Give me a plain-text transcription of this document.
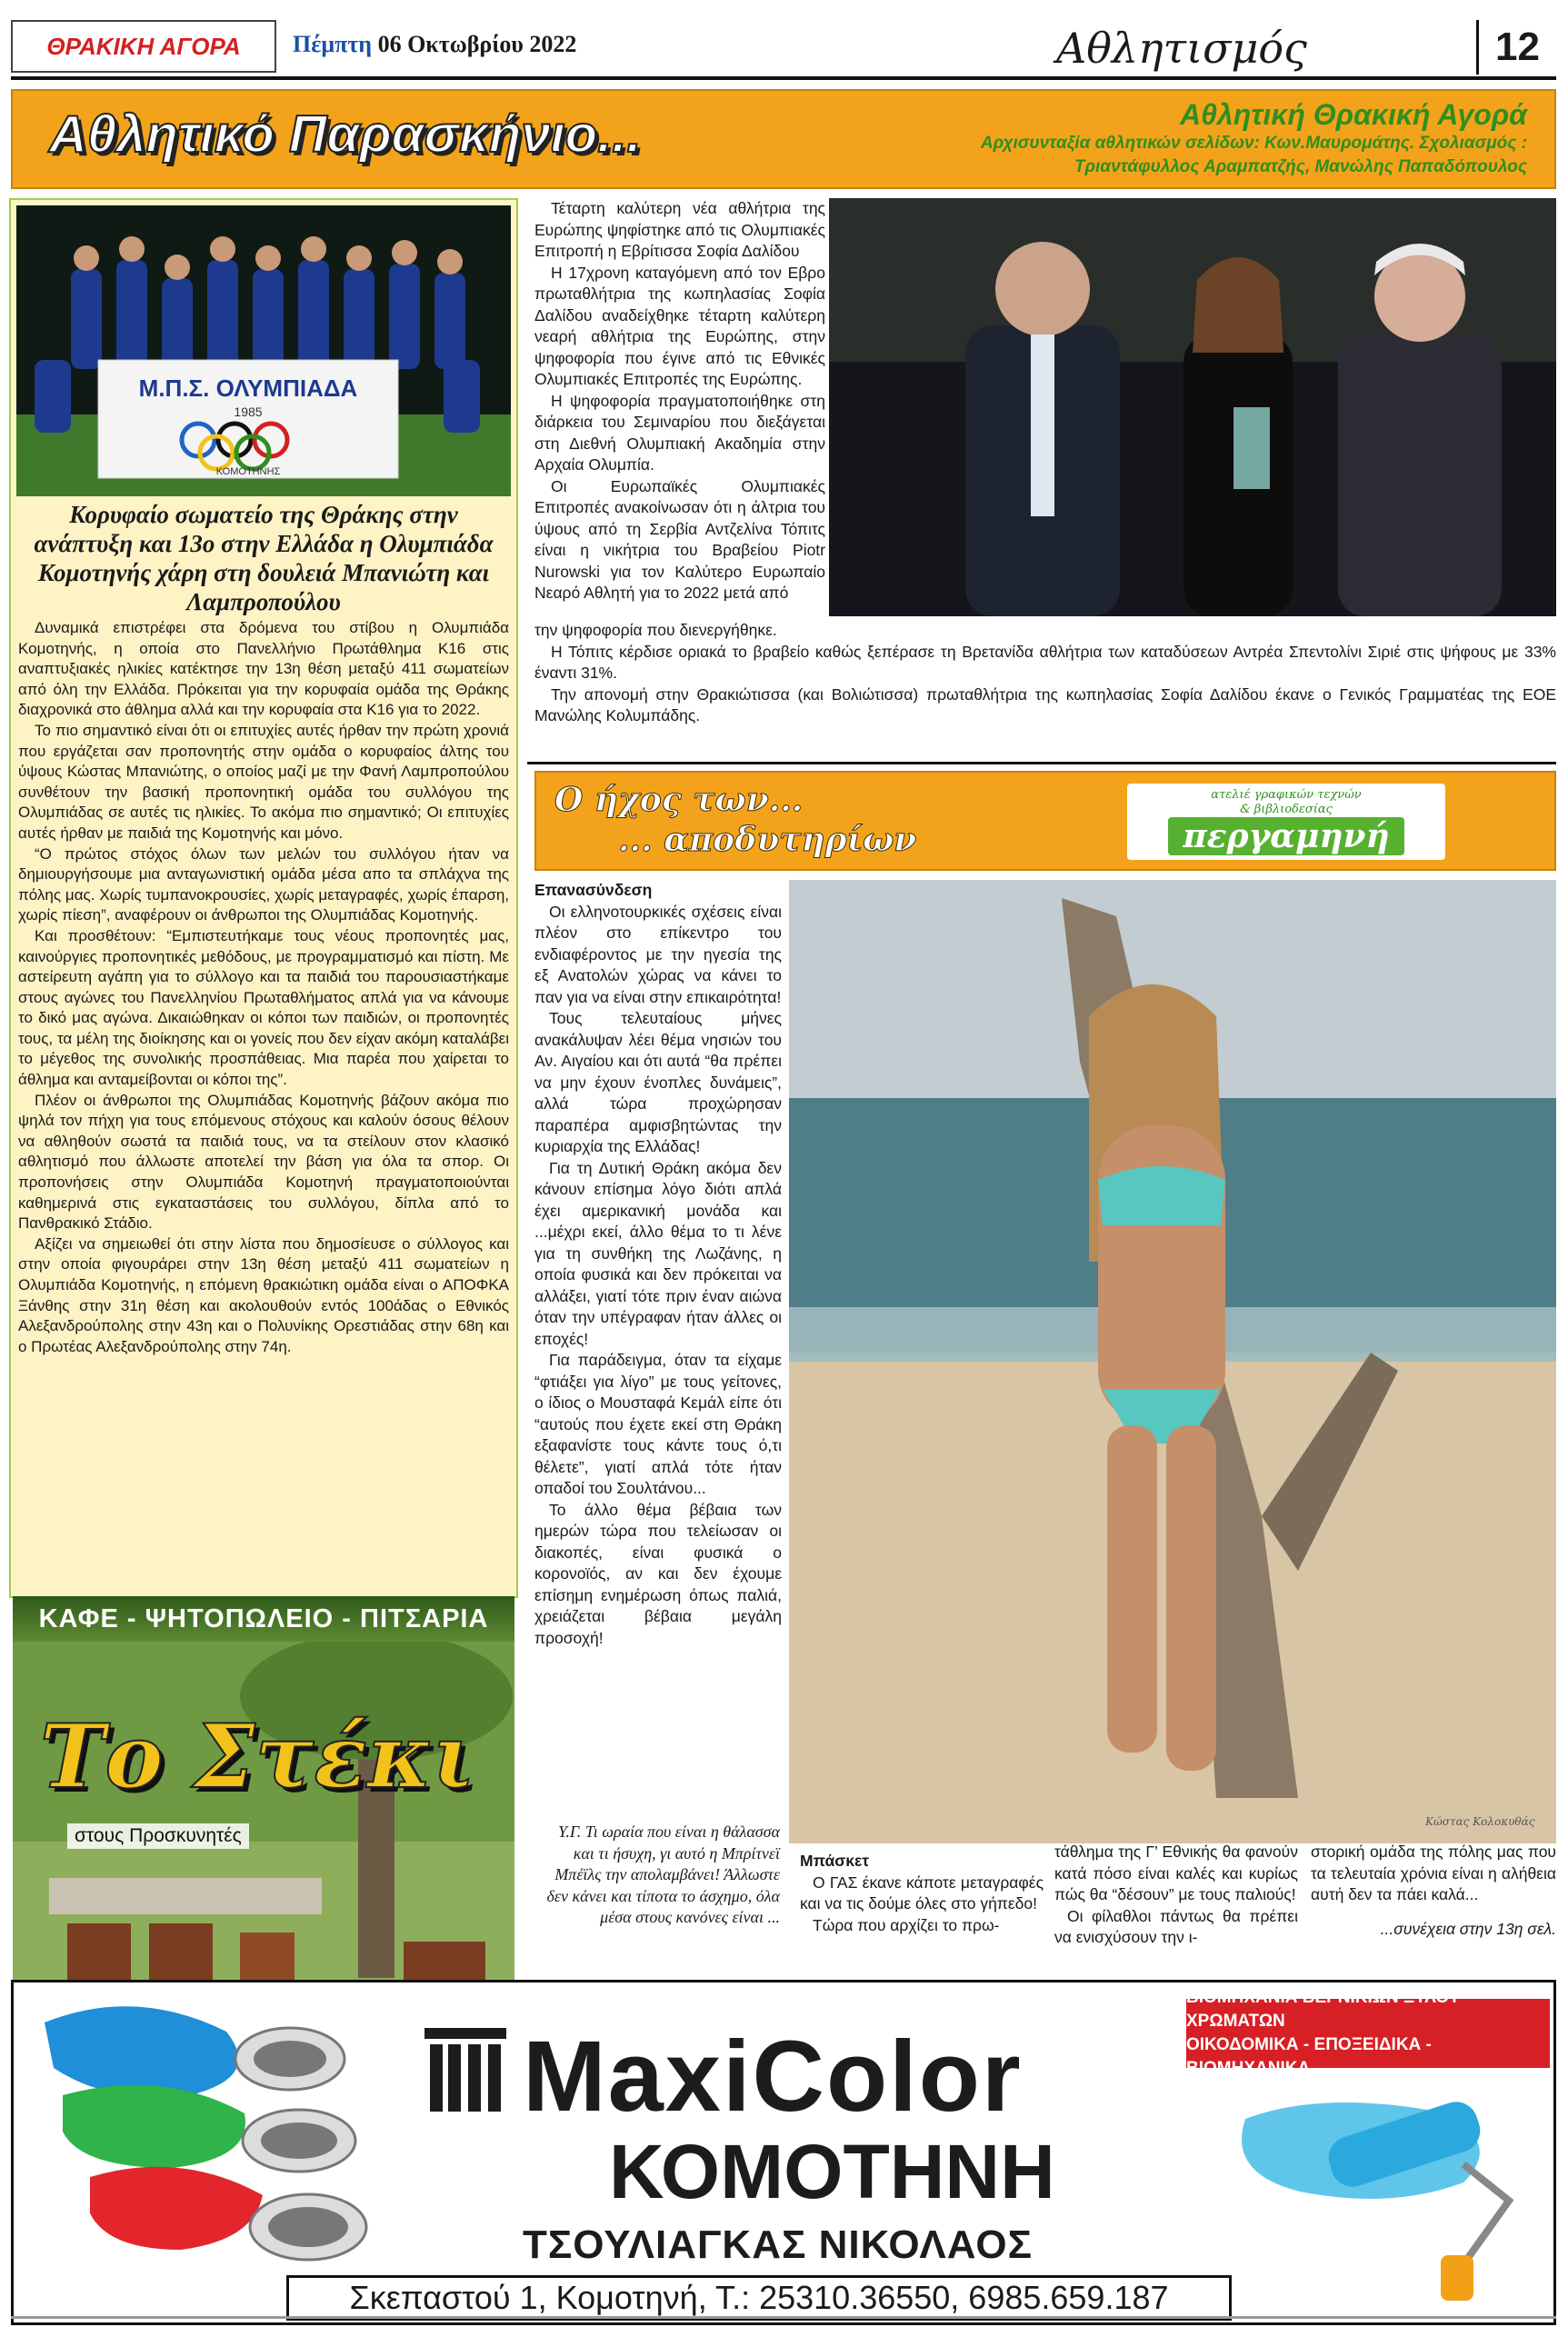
ΘΡΑΚΙΚΗ ΑΓΟΡΑ Πέμπτη 06 Οκτωβρίου 2022	Αθλητισμός	12
Αθλητικό Παρασκήνιο...	Αθλητική Θρακική Αγορά
Αρχισυνταξία αθλητικών σελίδων: Κων.Μαυρομάτης. Σχολιασμός :
Τριαντάφυλλος Αραμπατζής, Μανώλης Παπαδόπουλος
Μ.Π.Σ. ΟΛΥΜΠΙΑΔΑ
1985
ΚΟΜΟΤΗΝΗΣ
Κορυφαίο σωματείο της Θράκης στην ανάπτυξη και 13ο στην Ελλάδα η Ολυμπιάδα Κομοτηνής χάρη στη δουλειά Μπανιώτη και Λαμπροπούλου

Δυναμικά επιστρέφει στα δρόμενα του στίβου η Ολυμπιάδα Κομοτηνής, η οποία στο Πανελλήνιο Πρωτάθλημα Κ16 στις αναπτυξιακές ηλικίες κατέκτησε την 13η θέση μεταξύ 411 σωματείων από όλη την Ελλάδα. Πρόκειται για την κορυφαία ομάδα της Θράκης διαχρονικά στο άθλημα αλλά και την κορυφαία στα Κ16 για το 2022.

Το πιο σημαντικό είναι ότι οι επιτυχίες αυτές ήρθαν την πρώτη χρονιά που εργάζεται σαν προπονητής στην ομάδα ο κορυφαίος άλτης του ύψους Κώστας Μπανιώτης, ο οποίος μαζί με την Φανή Λαμπροπούλου συνθέτουν την βασική προπονητική ομάδα του συλλόγου της Ολυμπιάδας σε αυτές τις ηλικίες. Το ακόμα πιο σημαντικό; Οι επιτυχίες αυτές ήρθαν με παιδιά της Κομοτηνής και μόνο.

“Ο πρώτος στόχος όλων των μελών του συλλόγου ήταν να δημιουργήσουμε μια ανταγωνιστική ομάδα μέσα απο τα σπλάχνα της πόλης μας. Χωρίς τυμπανοκρουσίες, χωρίς μεταγραφές, χωρίς έπαρση, χωρίς πίεση”, αναφέρουν οι άνθρωποι της Ολυμπιάδας Κομοτηνής.

Και προσθέτουν: “Εμπιστευτήκαμε τους νέους προπονητές μας, καινούργιες προπονητικές μεθόδους, με προγραμματισμό και πίστη. Με αστείρευτη αγάπη για το σύλλογο και τα παιδιά του παρουσιαστήκαμε στους αγώνες του Πανελληνίου Πρωταθλήματος απλά για να κάνουμε το δικό μας αγώνα. Δικαιώθηκαν οι κόποι των παιδιών, οι προπονητές τους, τα μέλη της διοίκησης και οι γονείς που δεν είχαν ακόμη καταλάβει το μέγεθος της συνολικής προσπάθειας. Μια παρέα που χαίρεται το άθλημα και ανταμείβονται οι κόποι της”.

Πλέον οι άνθρωποι της Ολυμπιάδας Κομοτηνής βάζουν ακόμα πιο ψηλά τον πήχη για τους επόμενους στόχους και καλούν όσους θέλουν να αθληθούν σωστά τα παιδιά τους, να τα στείλουν στον κλασικό αθλητισμό που άλλωστε αποτελεί την βάση για όλα τα σπορ. Οι προπονήσεις στην Ολυμπιάδα Κομοτηνή πραγματοποιούνται καθημερινά στις εγκαταστάσεις του συλλόγου, δίπλα από το Πανθρακικό Στάδιο.

Αξίζει να σημειωθεί ότι στην λίστα που δημοσίευσε ο σύλλογος και στην οποία φιγουράρει στην 13η θέση μεταξύ 411 σωματείων η Ολυμπιάδα Κομοτηνής, η επόμενη θρακιώτικη ομάδα είναι ο ΑΠΟΦΚΑ Ξάνθης στην 31η θέση και ακολουθούν εντός 100άδας ο Εθνικός Αλεξανδρούπολης στην 43η και ο Πολυνίκης Ορεστιάδας στην 68η και ο Πρωτέας Αλεξανδρούπολης στην 74η.

ΚΑΦΕ - ΨΗΤΟΠΩΛΕΙΟ - ΠΙΤΣΑΡΙΑ
Το Στέκι
στους Προσκυνητές

Τέταρτη καλύτερη νέα αθλήτρια της Ευρώπης ψηφίστηκε από τις Ολυμπιακές Επιτροπή η Εβρίτισσα Σοφία Δαλίδου

Η 17χρονη καταγόμενη από τον Εβρο πρωταθλήτρια της κωπηλασίας Σοφία Δαλίδου αναδείχθηκε τέταρτη καλύτερη νεαρή αθλήτρια της Ευρώπης, στην ψηφοφορία που έγινε από τις Εθνικές Ολυμπιακές Επιτροπές της Ευρώπης.

Η ψηφοφορία πραγματοποιήθηκε στη διάρκεια του Σεμιναρίου που διεξάγεται στη Διεθνή Ολυμπιακή Ακαδημία στην Αρχαία Ολυμπία.

Οι Ευρωπαϊκές Ολυμπιακές Επιτροπές ανακοίνωσαν ότι η άλτρια του ύψους από τη Σερβία Αντζελίνα Τόπιτς είναι η νικήτρια του Βραβείου Piotr Nurowski για τον Καλύτερο Ευρωπαίο Νεαρό Αθλητή για το 2022 μετά από

την ψηφοφορία που διενεργήθηκε.

Η Τόπιτς κέρδισε οριακά το βραβείο καθώς ξεπέρασε τη Βρετανίδα αθλήτρια των καταδύσεων Αντρέα Σπεντολίνι Σιριέ στις ψήφους με 33% έναντι 31%.

Την απονομή στην Θρακιώτισσα (και Βολιώτισσα) πρωταθλήτρια της κωπηλασίας Σοφία Δαλίδου έκανε ο Γενικός Γραμματέας της ΕΟΕ Μανώλης Κολυμπάδης.

Ο ήχος των...
... αποδυτηρίων
ατελιέ γραφικών τεχνών
& βιβλιοδεσίας
περγαμηνή
Επανασύνδεση

Οι ελληνοτουρκικές σχέσεις είναι πλέον στο επίκεντρο του ενδιαφέροντος με την ηγεσία της εξ Ανατολών χώρας να κάνει το παν για να είναι στην επικαιρότητα!

Τους τελευταίους μήνες ανακάλυψαν λέει θέμα νησιών του Αν. Αιγαίου και ότι αυτά “θα πρέπει να μην έχουν ένοπλες δυνάμεις”, αλλά τώρα προχώρησαν παραπέρα αμφισβητώντας την κυριαρχία της Ελλάδας!

Για τη Δυτική Θράκη ακόμα δεν κάνουν επίσημα λόγο διότι απλά έχει αμερικανική μονάδα και ...μέχρι εκεί, άλλο θέμα το τι λένε για τη συνθήκη της Λωζάνης, η οποία φυσικά και δεν πρόκειται να αλλάξει, γιατί τότε πριν έναν αιώνα όταν την υπέγραφαν ήταν άλλες οι εποχές!

Για παράδειγμα, όταν τα είχαμε “φτιάξει για λίγο” με τους γείτονες, ο ίδιος ο Μουσταφά Κεμάλ είπε ότι “αυτούς που έχετε εκεί στη Θράκη εξαφανίστε τους κάντε τους ό,τι θέλετε”, γιατί απλά τότε ήταν οπαδοί του Σουλτάνου...

Το άλλο θέμα βέβαια των ημερών τώρα που τελείωσαν οι διακοπές, είναι φυσικά ο κορονοϊός, αν και δεν έχουμε επίσημη ενημέρωση όπως παλιά, χρειάζεται βέβαια μεγάλη προσοχή!

Κώστας Κολοκυθάς
Υ.Γ. Τι ωραία που είναι η θάλασσα και τι ήσυχη, γι αυτό η Μπρίτνεϊ Μπέϊλς την απολαμβάνει! Άλλωστε δεν κάνει και τίποτα το άσχημο, όλα μέσα στους κανόνες είναι ...
Μπάσκετ

Ο ΓΑΣ έκανε κάποτε μεταγραφές και να τις δούμε όλες στο γήπεδο!

Τώρα που αρχίζει το πρω-

τάθλημα της Γ’ Εθνικής θα φανούν κατά πόσο είναι καλές και κυρίως πώς θα “δέσουν” με τους παλιούς!

Οι φίλαθλοι πάντως θα πρέπει να ενισχύσουν την ι-

στορική ομάδα της πόλης μας που τα τελευταία χρόνια είναι η αλήθεια αυτή δεν τα πάει καλά...

...συνέχεια στην 13η σελ.
MaxiColor
ΚΟΜΟΤΗΝΗ
ΤΣΟΥΛΙΑΓΚΑΣ ΝΙΚΟΛΑΟΣ
Σκεπαστού 1, Κομοτηνή, Τ.: 25310.36550, 6985.659.187
ΒΙΟΜΗΧΑΝΙΑ ΒΕΡΝΙΚΙΩΝ ΞΥΛΟΥ - ΧΡΩΜΑΤΩΝ
ΟΙΚΟΔΟΜΙΚΑ - ΕΠΟΞΕΙΔΙΚΑ - ΒΙΟΜΗΧΑΝΙΚΑ
